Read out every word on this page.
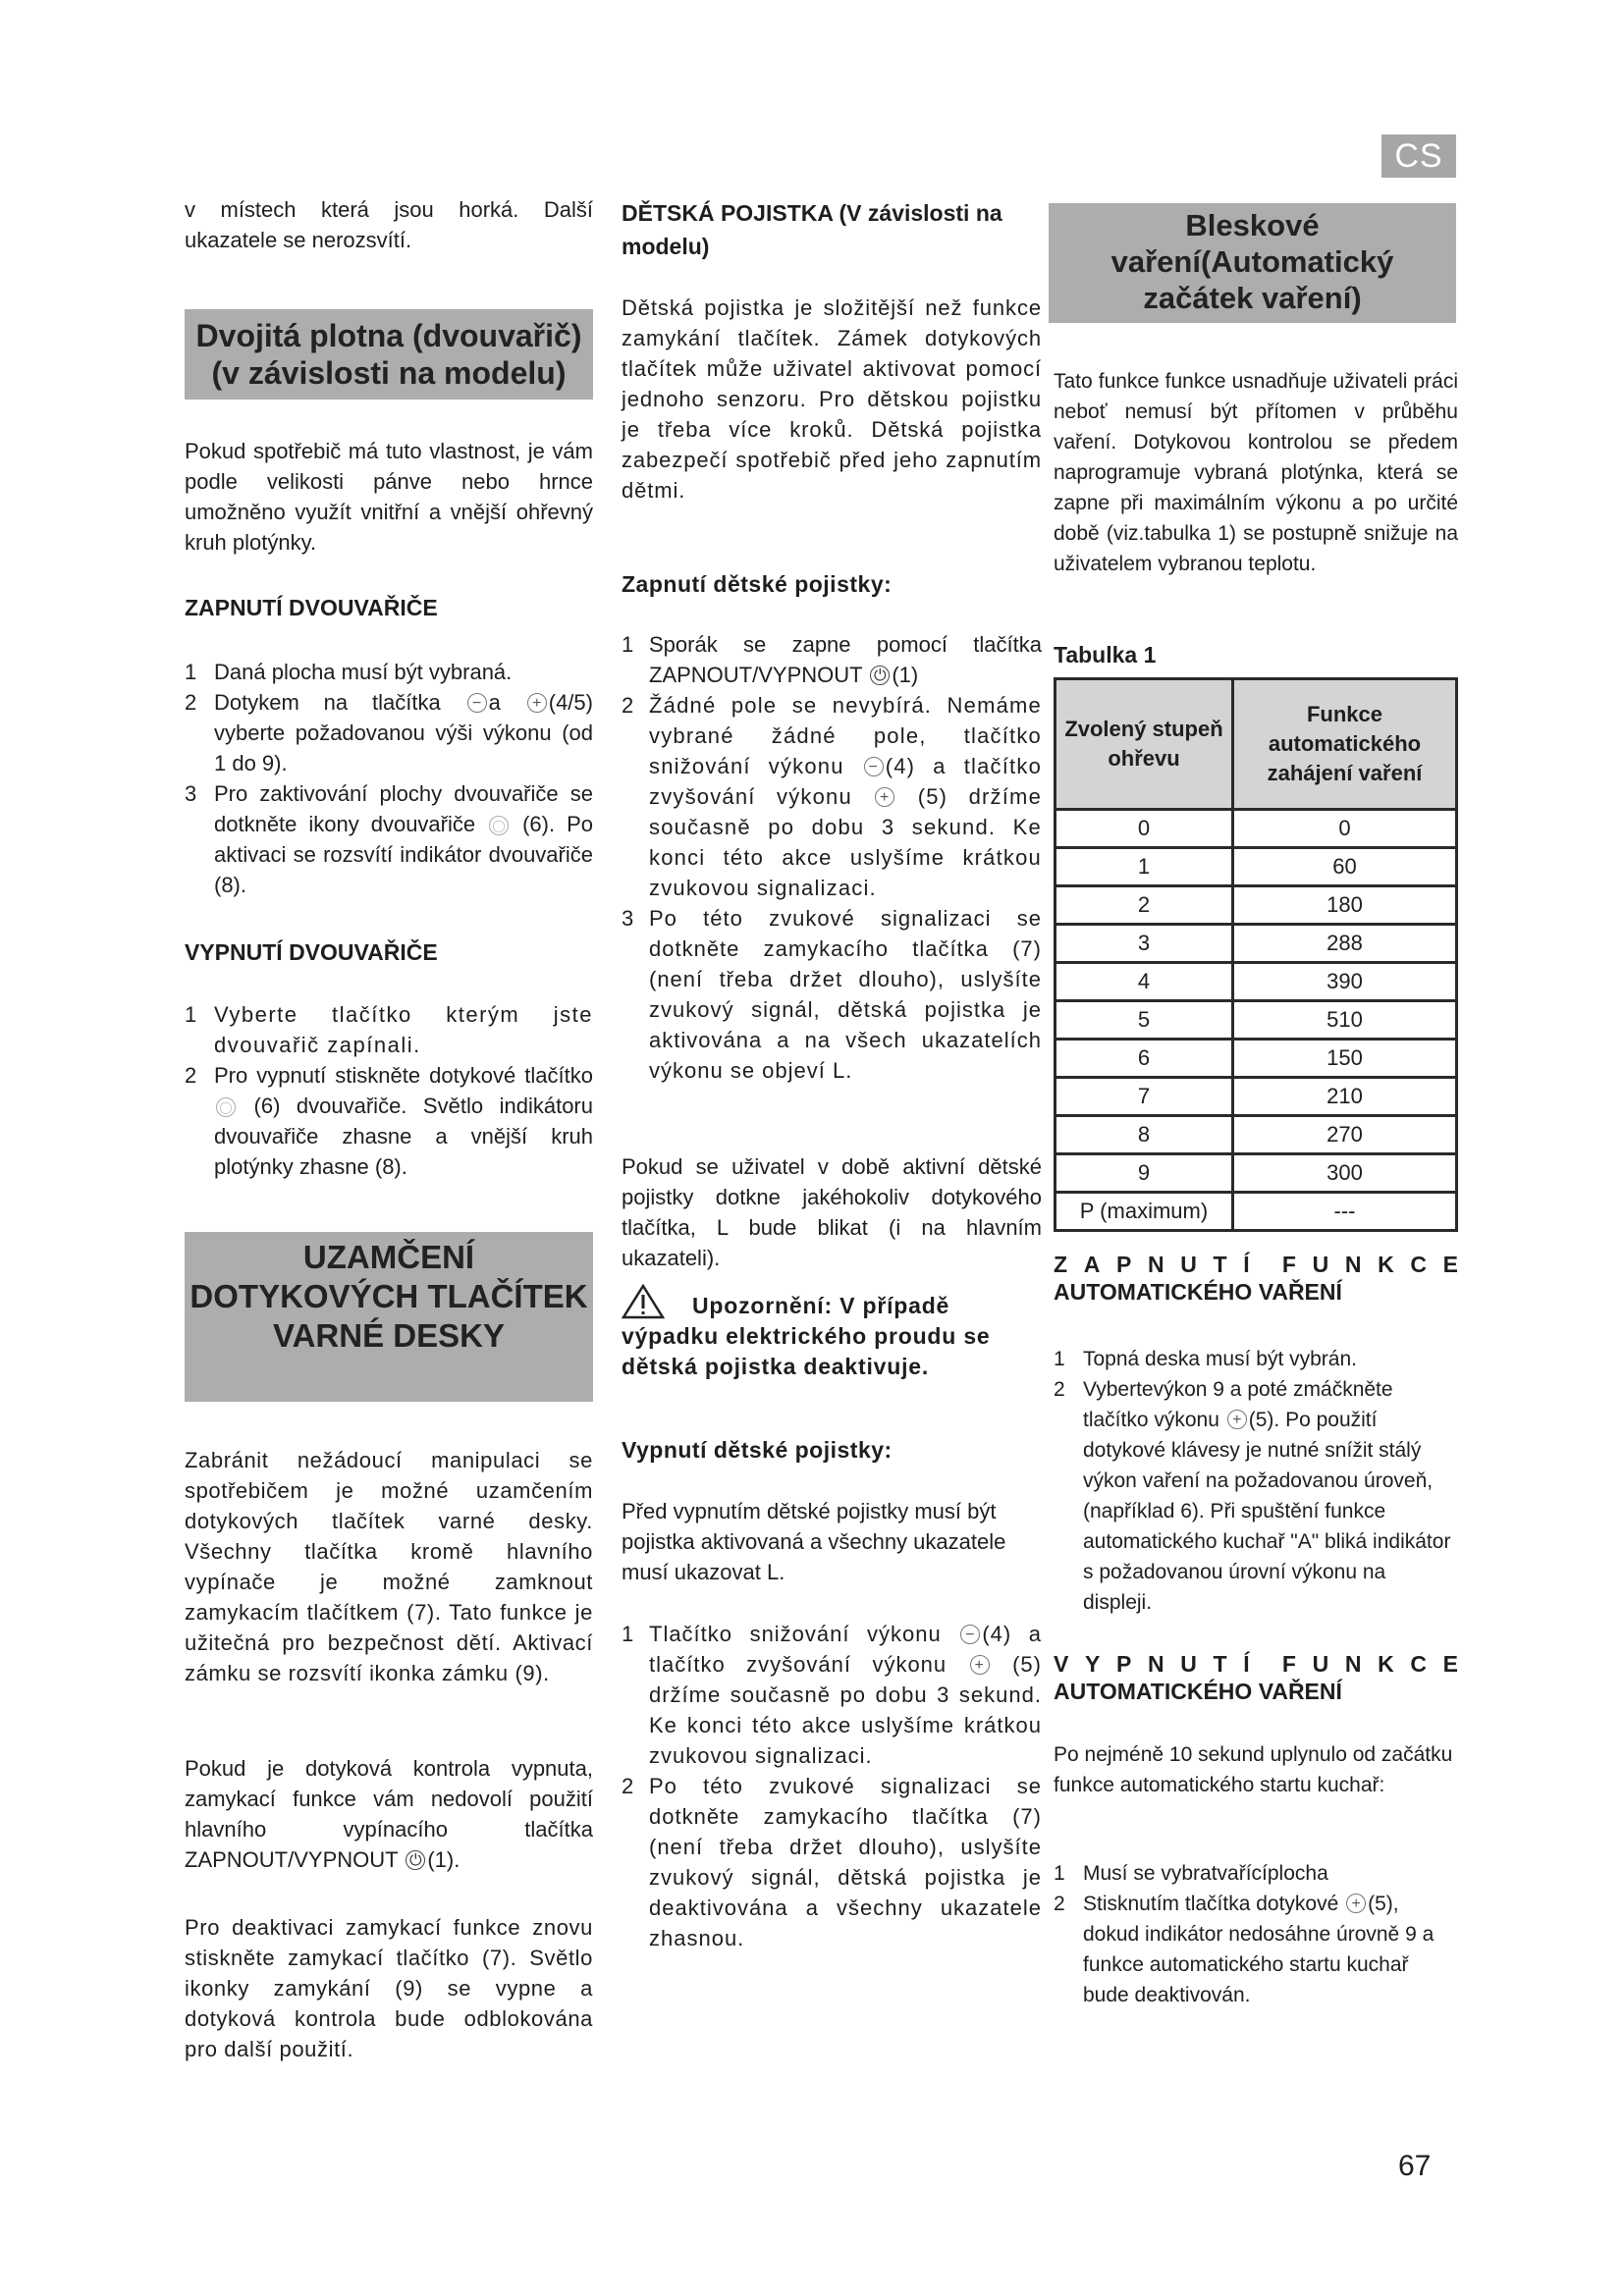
CS

v místech která jsou horká. Další ukazatele se nerozsvítí.

Dvojitá plotna (dvouvařič) (v závislosti na modelu)

Pokud spotřebič má tuto vlastnost, je vám podle velikosti pánve nebo hrnce umožněno využít vnitřní a vnější ohřevný kruh plotýnky.

ZAPNUTÍ DVOUVAŘIČE
1 Daná plocha musí být vybraná.
2 Dotykem na tlačítka − a + (4/5) vyberte požadovanou výši výkonu (od 1 do 9).
3 Pro zaktivování plochy dvouvařiče se dotkněte ikony dvouvařiče ◯ (6). Po aktivaci se rozsvítí indikátor dvouvařiče (8).
VYPNUTÍ DVOUVAŘIČE
1 Vyberte tlačítko kterým jste dvouvařič zapínali.
2 Pro vypnutí stiskněte dotykové tlačítko ◯ (6) dvouvařiče. Světlo indikátoru dvouvařiče zhasne a vnější kruh plotýnky zhasne (8).
UZAMČENÍ DOTYKOVÝCH TLAČÍTEK VARNÉ DESKY

Zabránit nežádoucí manipulaci se spotřebičem je možné uzamčením dotykových tlačítek varné desky. Všechny tlačítka kromě hlavního vypínače je možné zamknout zamykacím tlačítkem (7). Tato funkce je užitečná pro bezpečnost dětí. Aktivací zámku se rozsvítí ikonka zámku (9).

Pokud je dotyková kontrola vypnuta, zamykací funkce vám nedovolí použití hlavního vypínacího tlačítka ZAPNOUT/VYPNOUT ⏻ (1).

Pro deaktivaci zamykací funkce znovu stiskněte zamykací tlačítko (7). Světlo ikonky zamykání (9) se vypne a dotyková kontrola bude odblokována pro další použití.

DĚTSKÁ POJISTKA (V závislosti na modelu)

Dětská pojistka je složitější než funkce zamykání tlačítek. Zámek dotykových tlačítek může uživatel aktivovat pomocí jednoho senzoru. Pro dětskou pojistku je třeba více kroků. Dětská pojistka zabezpečí spotřebič před jeho zapnutím dětmi.

Zapnutí dětské pojistky:
1 Sporák se zapne pomocí tlačítka ZAPNOUT/VYPNOUT ⏻ (1)
2 Žádné pole se nevybírá. Nemáme vybrané žádné pole, tlačítko snižování výkonu − (4) a tlačítko zvyšování výkonu + (5) držíme současně po dobu 3 sekund. Ke konci této akce uslyšíme krátkou zvukovou signalizaci.
3 Po této zvukové signalizaci se dotkněte zamykacího tlačítka (7) (není třeba držet dlouho), uslyšíte zvukový signál, dětská pojistka je aktivována a na všech ukazatelích výkonu se objeví L.

Pokud se uživatel v době aktivní dětské pojistky dotkne jakéhokoliv dotykového tlačítka, L bude blikat (i na hlavním ukazateli).

Upozornění: V případě výpadku elektrického proudu se dětská pojistka deaktivuje.
Vypnutí dětské pojistky:

Před vypnutím dětské pojistky musí být pojistka aktivovaná a všechny ukazatele musí ukazovat L.

1 Tlačítko snižování výkonu − (4) a tlačítko zvyšování výkonu + (5) držíme současně po dobu 3 sekund. Ke konci této akce uslyšíme krátkou zvukovou signalizaci.
2 Po této zvukové signalizaci se dotkněte zamykacího tlačítka (7) (není třeba držet dlouho), uslyšíte zvukový signál, dětská pojistka je deaktivována a všechny ukazatele zhasnou.
Bleskové vaření(Automatický začátek vaření)

Tato funkce funkce usnadňuje uživateli práci neboť nemusí být přítomen v průběhu vaření. Dotykovou kontrolou se předem naprogramuje vybraná plotýnka, která se zapne při maximálním výkonu a po určité době (viz.tabulka 1) se postupně snižuje na uživatelem vybranou teplotu.

Tabulka 1
Zvolený stupeň ohřevu	Funkce automatického zahájení vaření
0	0
1	60
2	180
3	288
4	390
5	510
6	150
7	210
8	270
9	300
P (maximum)	---
Z A P N U T Í F U N K C E
AUTOMATICKÉHO VAŘENÍ
1 Topná deska musí být vybrán.
2 Vybertevýkon 9 a poté zmáčkněte tlačítko výkonu + (5). Po použití dotykové klávesy je nutné snížit stálý výkon vaření na požadovanou úroveň, (například 6). Při spuštění funkce automatického kuchař "A" bliká indikátor s požadovanou úrovní výkonu na displeji.
V Y P N U T Í F U N K C E
AUTOMATICKÉHO VAŘENÍ

Po nejméně 10 sekund uplynulo od začátku funkce automatického startu kuchař:

1 Musí se vybratvařícíplocha
2 Stisknutím tlačítka dotykové + (5), dokud indikátor nedosáhne úrovně 9 a funkce automatického startu kuchař bude deaktivován.
67
